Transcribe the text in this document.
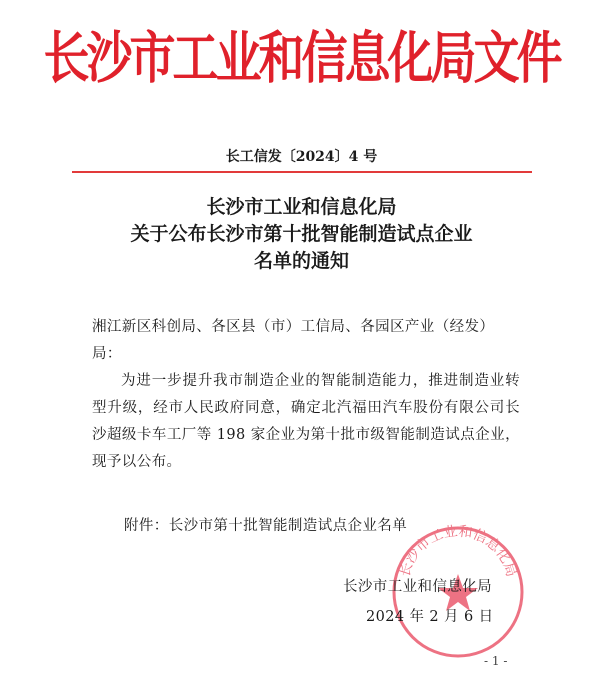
长沙市工业和信息化局文件
长工信发〔2024〕4 号
长沙市工业和信息化局
关于公布长沙市第十批智能制造试点企业
名单的通知
湘江新区科创局、各区县（市）工信局、各园区产业（经发）局：
为进一步提升我市制造企业的智能制造能力，推进制造业转型升级，经市人民政府同意，确定北汽福田汽车股份有限公司长沙超级卡车工厂等 198 家企业为第十批市级智能制造试点企业，现予以公布。
附件：长沙市第十批智能制造试点企业名单
长沙市工业和信息化局
长沙市工业和信息化局
2024 年 2 月 6 日
- 1 -
